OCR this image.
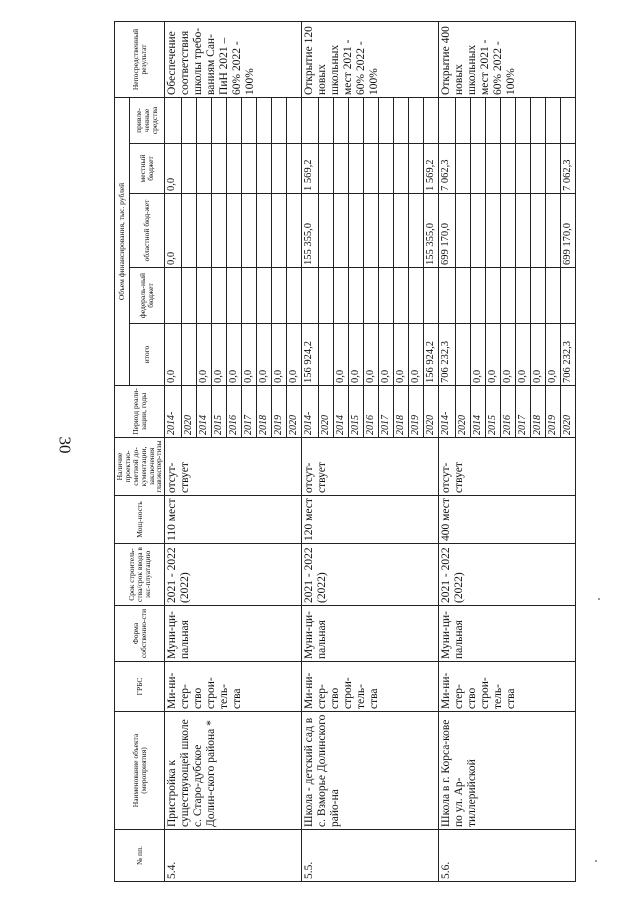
30
№ пп.	Наименование объекта (мероприятия)	ГРБС	Форма собственно-сти	Срок строитель-ства/срок ввода в экс-плуатацию	Мощ-ность	Наличие проектно-сметной до-кументации, заключения главэкспер-тизы	Период реали-зации, годы	Объем финансирования, тыс. рублей					Непосредственный результат
								итого	федераль-ный бюджет	областной бюд-жет	местный бюджет	привле-ченные средства	
5.4.	Пристройка к существующей школе с. Старо-дубское Долин-ского района *	Ми-ни-стер-ство строи-тель-ства	Муни-ци-пальная	2021 - 2022 (2022)	110 мест	отсут-ствует	2014-	0,0		0,0	0,0		Обеспечение соответствия школы требо-ваниям Сан-ПиН 2021 – 60% 2022 - 100%
							2020						
							2014	0,0					
							2015	0,0					
							2016	0,0					
							2017	0,0					
							2018	0,0					
							2019	0,0					
							2020	0,0					
5.5.	Школа - детский сад в с. Взморье Долинского райо-на	Ми-ни-стер-ство строи-тель-ства	Муни-ци-пальная	2021 - 2022 (2022)	120 мест	отсут-ствует	2014-	156 924,2		155 355,0	1 569,2		Открытие 120 новых школьных мест 2021 - 60% 2022 - 100%
							2020						
							2014	0,0					
							2015	0,0					
							2016	0,0					
							2017	0,0					
							2018	0,0					
							2019	0,0					
							2020	156 924,2		155 355,0	1 569,2		
5.6.	Школа в г. Корса-кове по ул. Ар-тиллерийской	Ми-ни-стер-ство строи-тель-ства	Муни-ци-пальная	2021 - 2022 (2022)	400 мест	отсут-ствует	2014-	706 232,3		699 170,0	7 062,3		Открытие 400 новых школьных мест 2021 - 60% 2022 - 100%
							2020						
							2014	0,0					
							2015	0,0					
							2016	0,0					
							2017	0,0					
							2018	0,0					
							2019	0,0					
							2020	706 232,3		699 170,0	7 062,3		
